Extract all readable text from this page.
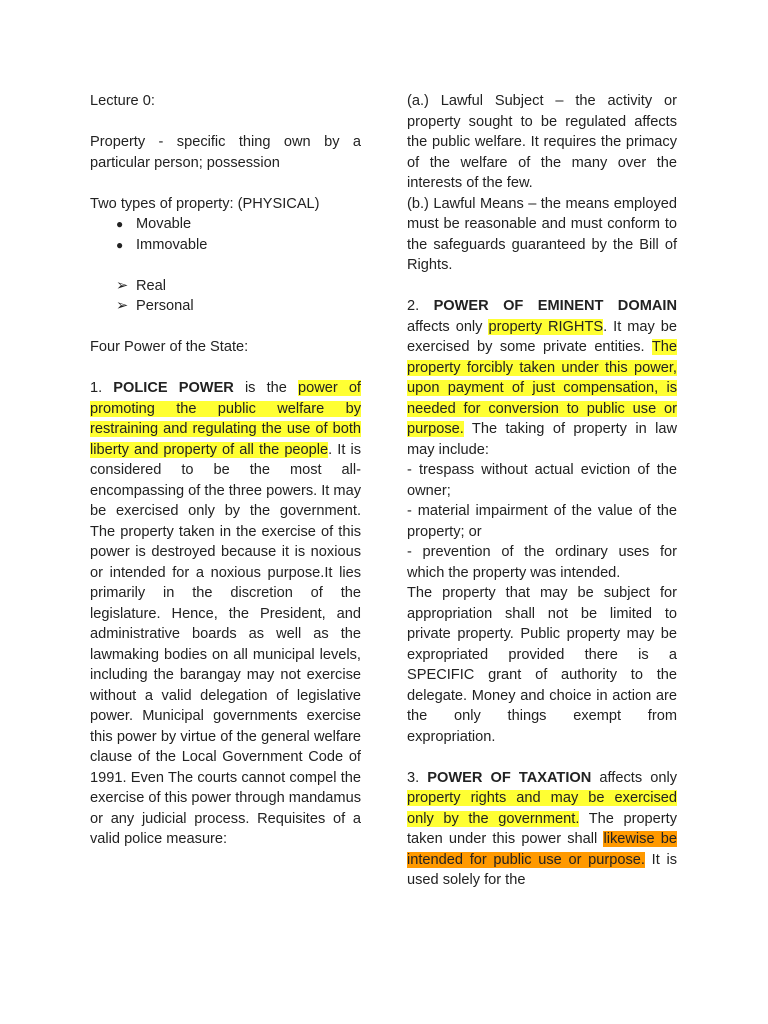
Lecture 0:

Property - specific thing own by a particular person; possession

Two types of property: (PHYSICAL)

● Movable
● Immovable
➢ Real
➢ Personal

Four Power of the State:

1. POLICE POWER is the power of promoting the public welfare by restraining and regulating the use of both liberty and property of all the people. It is considered to be the most all-encompassing of the three powers. It may be exercised only by the government. The property taken in the exercise of this power is destroyed because it is noxious or intended for a noxious purpose.It lies primarily in the discretion of the legislature. Hence, the President, and administrative boards as well as the lawmaking bodies on all municipal levels, including the barangay may not exercise without a valid delegation of legislative power. Municipal governments exercise this power by virtue of the general welfare clause of the Local Government Code of 1991. Even The courts cannot compel the exercise of this power through mandamus or any judicial process. Requisites of a valid police measure:

(a.) Lawful Subject – the activity or property sought to be regulated affects the public welfare. It requires the primacy of the welfare of the many over the interests of the few.

(b.) Lawful Means – the means employed must be reasonable and must conform to the safeguards guaranteed by the Bill of Rights.

2. POWER OF EMINENT DOMAIN affects only property RIGHTS. It may be exercised by some private entities. The property forcibly taken under this power, upon payment of just compensation, is needed for conversion to public use or purpose. The taking of property in law may include:

- trespass without actual eviction of the owner;

- material impairment of the value of the property; or

- prevention of the ordinary uses for which the property was intended.

The property that may be subject for appropriation shall not be limited to private property. Public property may be expropriated provided there is a SPECIFIC grant of authority to the delegate. Money and choice in action are the only things exempt from expropriation.

3. POWER OF TAXATION affects only property rights and may be exercised only by the government. The property taken under this power shall likewise be intended for public use or purpose. It is used solely for the
